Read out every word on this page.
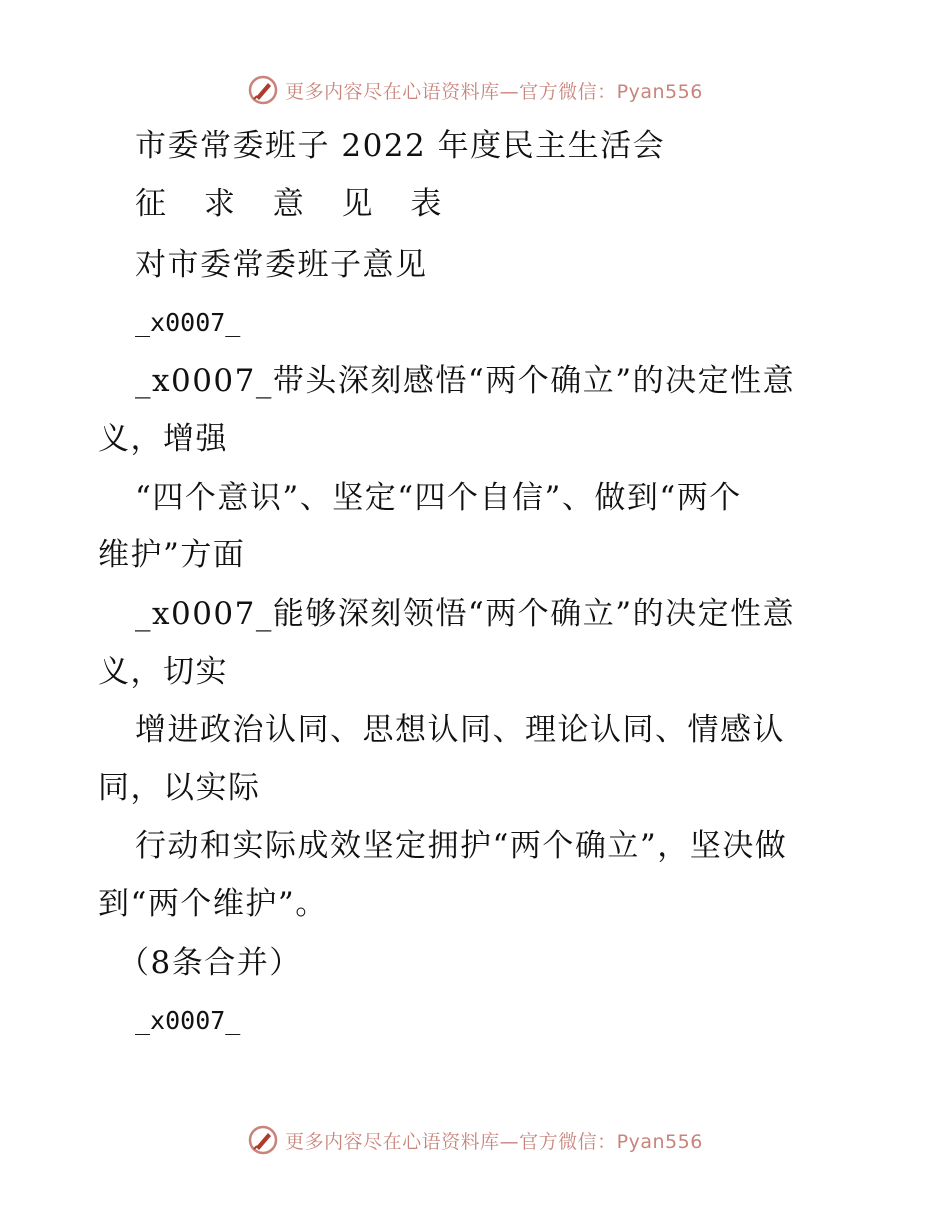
更多内容尽在心语资料库—官方微信：Pyan556

市委常委班子 2022 年度民主生活会

征 求 意 见 表

对市委常委班子意见

_x0007_

_x0007_带头深刻感悟“两个确立”的决定性意

义，增强

“四个意识”、坚定“四个自信”、做到“两个

维护”方面

_x0007_能够深刻领悟“两个确立”的决定性意

义，切实

增进政治认同、思想认同、理论认同、情感认

同，以实际

行动和实际成效坚定拥护“两个确立”，坚决做

到“两个维护”。

（8条合并）

_x0007_

更多内容尽在心语资料库—官方微信：Pyan556
